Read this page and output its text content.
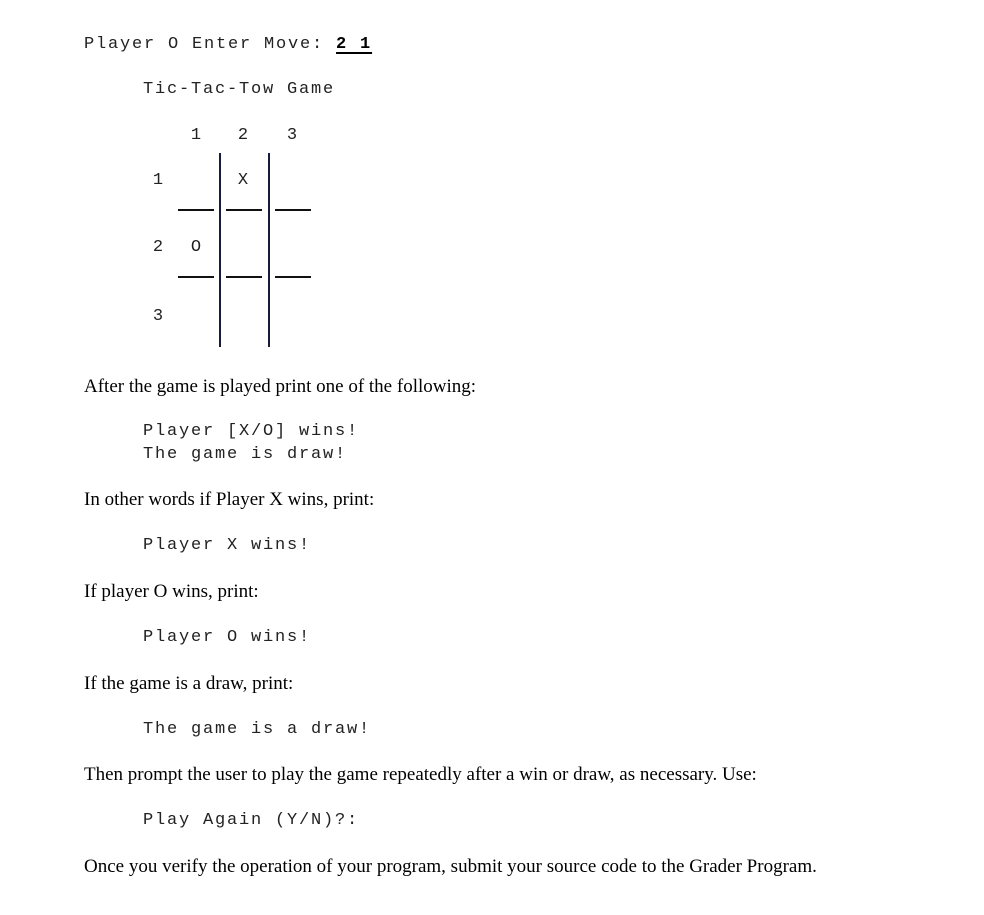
Player O Enter Move: 2 1
Tic-Tac-Tow Game
1 2 3
1
2
3
X
O
After the game is played print one of the following:
Player [X/O] wins!
The game is draw!
In other words if Player X wins, print:
Player X wins!
If player O wins, print:
Player O wins!
If the game is a draw, print:
The game is a draw!
Then prompt the user to play the game repeatedly after a win or draw, as necessary. Use:
Play Again (Y/N)?:
Once you verify the operation of your program, submit your source code to the Grader Program.
